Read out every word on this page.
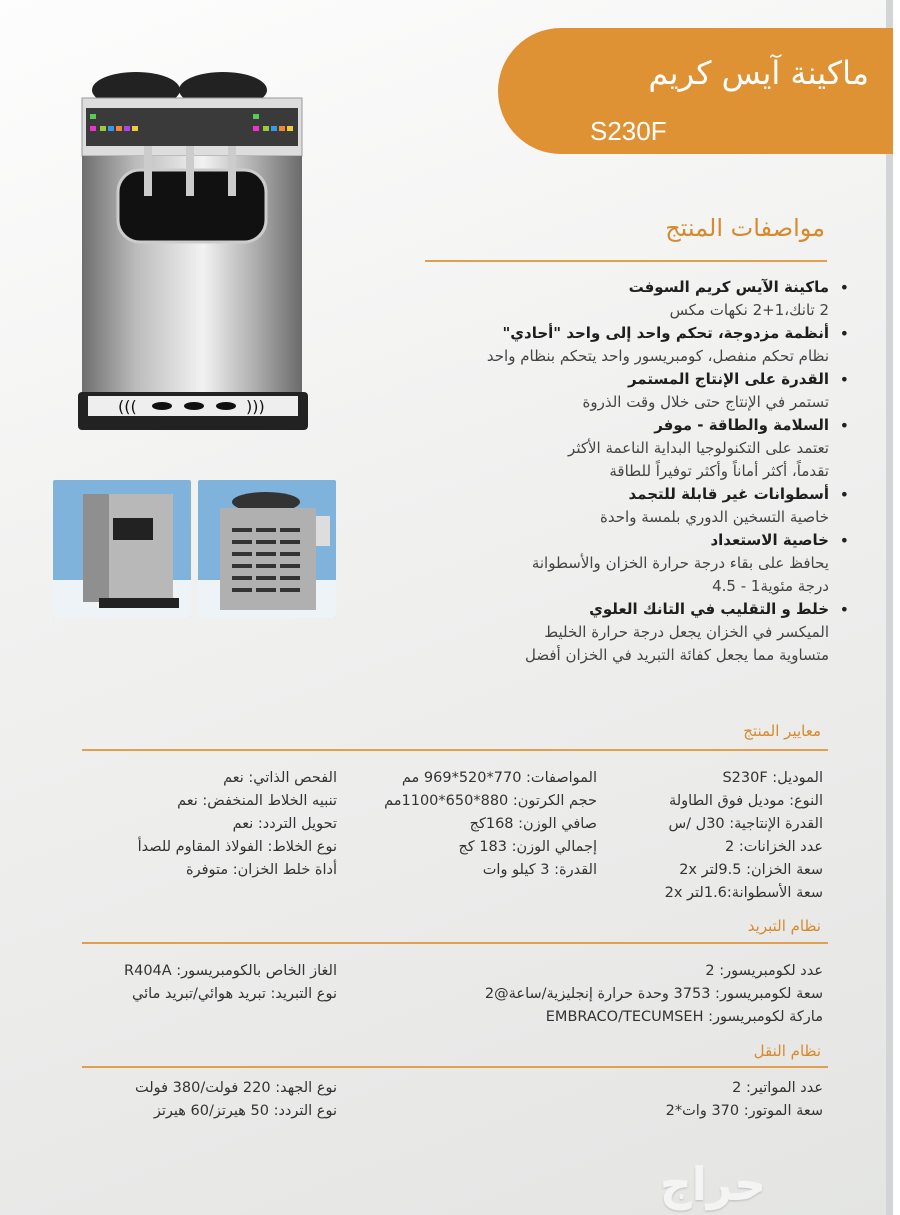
ماكينة آيس كريم
S230F
(((	)))
مواصفات المنتج
•
ماكينة الآيس كريم السوفت
2 تانك،1+2 نكهات مكس
•
أنظمة مزدوجة، تحكم واحد إلى واحد "أحادي"
نظام تحكم منفصل، كومبريسور واحد يتحكم بنظام واحد
•
القدرة على الإنتاج المستمر
تستمر في الإنتاج حتى خلال وقت الذروة
•
السلامة والطاقة - موفر
تعتمد على التكنولوجيا البداية الناعمة الأكثر
تقدماً، أكثر أماناً وأكثر توفيراً للطاقة
•
أسطوانات غير قابلة للتجمد
خاصية التسخين الدوري بلمسة واحدة
•
خاصية الاستعداد
يحافظ على بقاء درجة حرارة الخزان والأسطوانة
درجة مئوية1 - 4.5
•
خلط و التقليب في التانك العلوي
الميكسر في الخزان يجعل درجة حرارة الخليط
متساوية مما يجعل كفائة التبريد في الخزان أفضل
معايير المنتج
الموديل: S230F
النوع: موديل فوق الطاولة
القدرة الإنتاجية: 30ل /س
عدد الخزانات: 2
سعة الخزان: 9.5لتر 2x
سعة الأسطوانة:1.6لتر 2x
المواصفات: 770*520*969 مم
حجم الكرتون: 880*650*1100مم
صافي الوزن: 168كج
إجمالي الوزن: 183 كج
القدرة: 3 كيلو وات
الفحص الذاتي: نعم
تنبيه الخلاط المنخفض: نعم
تحويل التردد: نعم
نوع الخلاط: الفولاذ المقاوم للصدأ
أداة خلط الخزان: متوفرة
نظام التبريد
عدد لكومبريسور: 2
سعة لكومبريسور: 3753 وحدة حرارة إنجليزية/ساعة@2
ماركة لكومبريسور: EMBRACO/TECUMSEH
الغاز الخاص بالكومبريسور: R404A
نوع التبريد: تبريد هوائي/تبريد مائي
نظام النقل
عدد المواتير: 2
سعة الموتور: 370 وات*2
نوع الجهد: 220 فولت/380 فولت
نوع التردد: 50 هيرتز/60 هيرتز
حراج
